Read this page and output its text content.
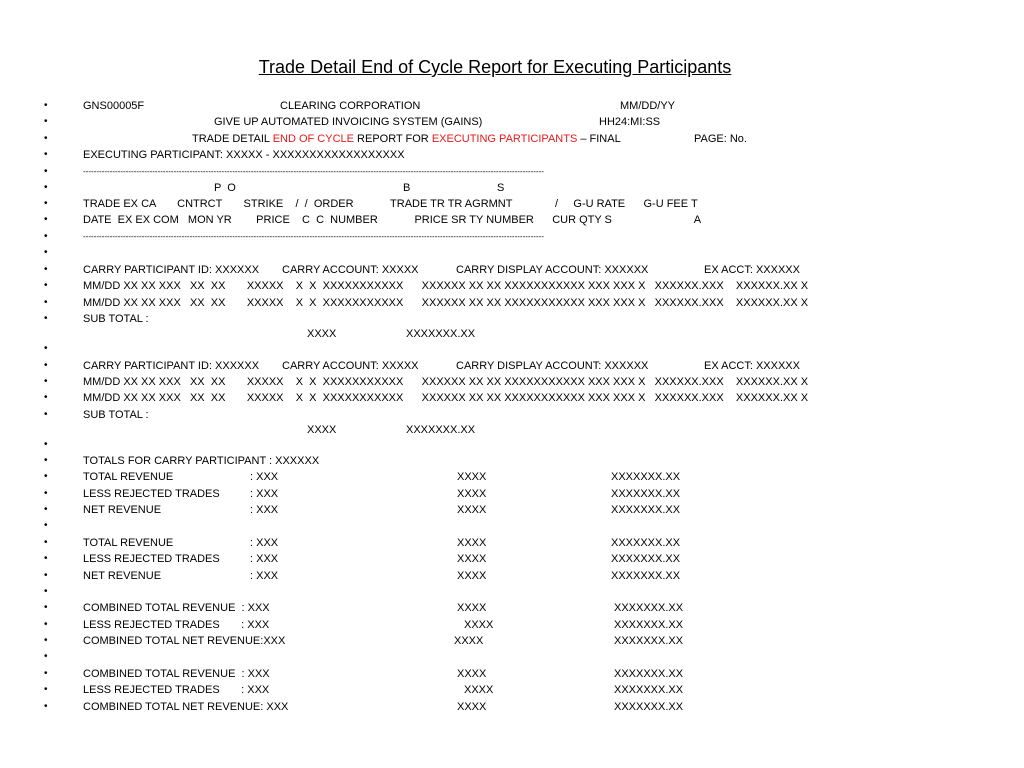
Trade Detail End of Cycle Report for Executing Participants
•	GNS00005F	CLEARING CORPORATION	MM/DD/YY
•	GIVE UP AUTOMATED INVOICING SYSTEM (GAINS)	HH24:MI:SS
•	TRADE DETAIL END OF CYCLE REPORT FOR EXECUTING PARTICIPANTS – FINAL	PAGE: No.
•	EXECUTING PARTICIPANT: XXXXX - XXXXXXXXXXXXXXXXXX
•	-----------------------------------------------------------------------------------------------------------------------------------------------------------------------------
•	P  O	B	S
•	TRADE EX CA       CNTRCT       STRIKE    /  /  ORDER            TRADE TR TR AGRMNT              /     G-U RATE      G-U FEE T
•	DATE  EX EX COM   MON YR        PRICE    C  C  NUMBER            PRICE SR TY NUMBER      CUR QTY S                           A
•	-----------------------------------------------------------------------------------------------------------------------------------------------------------------------------
•
•	CARRY PARTICIPANT ID: XXXXXX CARRY ACCOUNT: XXXXX	CARRY DISPLAY ACCOUNT: XXXXXX	EX ACCT: XXXXXX
•	MM/DD XX XX XXX   XX  XX       XXXXX    X  X  XXXXXXXXXXX      XXXXXX XX XX XXXXXXXXXXX XXX XXX X   XXXXXX.XXX    XXXXXX.XX X
•	MM/DD XX XX XXX   XX  XX       XXXXX    X  X  XXXXXXXXXXX      XXXXXX XX XX XXXXXXXXXXX XXX XXX X   XXXXXX.XXX    XXXXXX.XX X
•	SUB TOTAL :
XXXX	XXXXXXX.XX
•
•	CARRY PARTICIPANT ID: XXXXXX CARRY ACCOUNT: XXXXX	CARRY DISPLAY ACCOUNT: XXXXXX	EX ACCT: XXXXXX
•	MM/DD XX XX XXX   XX  XX       XXXXX    X  X  XXXXXXXXXXX      XXXXXX XX XX XXXXXXXXXXX XXX XXX X   XXXXXX.XXX    XXXXXX.XX X
•	MM/DD XX XX XXX   XX  XX       XXXXX    X  X  XXXXXXXXXXX      XXXXXX XX XX XXXXXXXXXXX XXX XXX X   XXXXXX.XXX    XXXXXX.XX X
•	SUB TOTAL :
XXXX	XXXXXXX.XX
•
•	TOTALS FOR CARRY PARTICIPANT : XXXXXX
•	TOTAL REVENUE	: XXX	XXXX	XXXXXXX.XX
•	LESS REJECTED TRADES	: XXX	XXXX	XXXXXXX.XX
•	NET REVENUE	: XXX	XXXX	XXXXXXX.XX
•
•	TOTAL REVENUE	: XXX	XXXX	XXXXXXX.XX
•	LESS REJECTED TRADES	: XXX	XXXX	XXXXXXX.XX
•	NET REVENUE	: XXX	XXXX	XXXXXXX.XX
•
•	COMBINED TOTAL REVENUE  : XXX	XXXX	XXXXXXX.XX
•	LESS REJECTED TRADES       : XXX	XXXX	XXXXXXX.XX
•	COMBINED TOTAL NET REVENUE:XXX	XXXX	XXXXXXX.XX
•
•	COMBINED TOTAL REVENUE  : XXX	XXXX	XXXXXXX.XX
•	LESS REJECTED TRADES       : XXX	XXXX	XXXXXXX.XX
•	COMBINED TOTAL NET REVENUE: XXX	XXXX	XXXXXXX.XX
